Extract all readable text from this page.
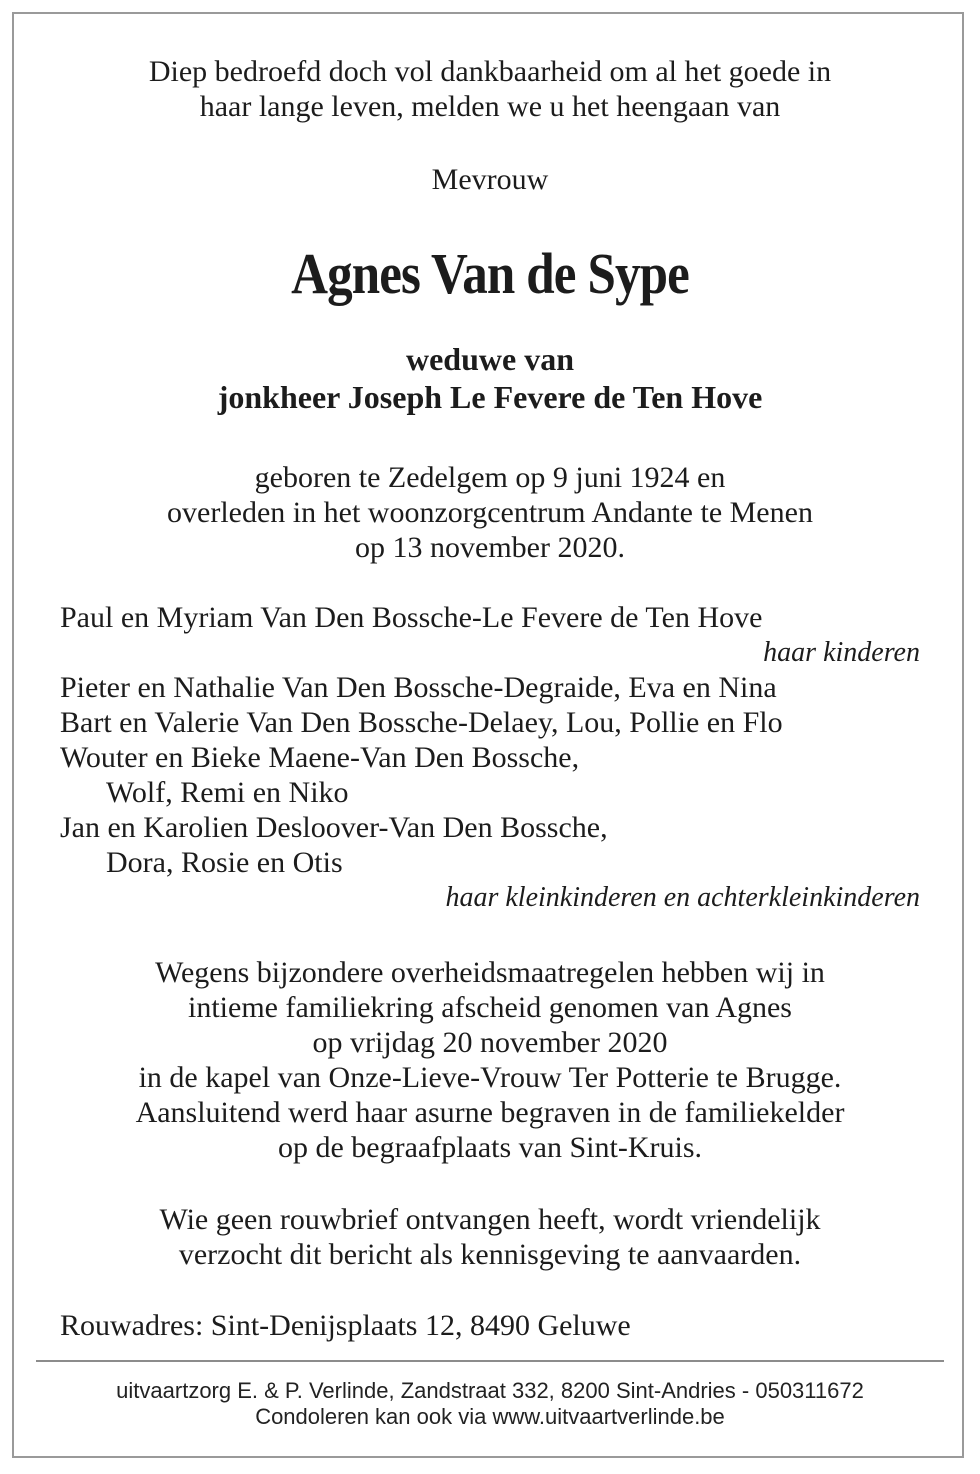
Diep bedroefd doch vol dankbaarheid om al het goede in
haar lange leven, melden we u het heengaan van
Mevrouw
Agnes Van de Sype
weduwe van
jonkheer Joseph Le Fevere de Ten Hove
geboren te Zedelgem op 9 juni 1924 en
overleden in het woonzorgcentrum Andante te Menen
op 13 november 2020.
Paul en Myriam Van Den Bossche-Le Fevere de Ten Hove
haar kinderen
Pieter en Nathalie Van Den Bossche-Degraide, Eva en Nina
Bart en Valerie Van Den Bossche-Delaey, Lou, Pollie en Flo
Wouter en Bieke Maene-Van Den Bossche,
Wolf, Remi en Niko
Jan en Karolien Desloover-Van Den Bossche,
Dora, Rosie en Otis
haar kleinkinderen en achterkleinkinderen
Wegens bijzondere overheidsmaatregelen hebben wij in
intieme familiekring afscheid genomen van Agnes
op vrijdag 20 november 2020
in de kapel van Onze-Lieve-Vrouw Ter Potterie te Brugge.
Aansluitend werd haar asurne begraven in de familiekelder
op de begraafplaats van Sint-Kruis.
Wie geen rouwbrief ontvangen heeft, wordt vriendelijk
verzocht dit bericht als kennisgeving te aanvaarden.
Rouwadres: Sint-Denijsplaats 12, 8490 Geluwe
uitvaartzorg E. & P. Verlinde, Zandstraat 332, 8200 Sint-Andries - 050311672
Condoleren kan ook via www.uitvaartverlinde.be
